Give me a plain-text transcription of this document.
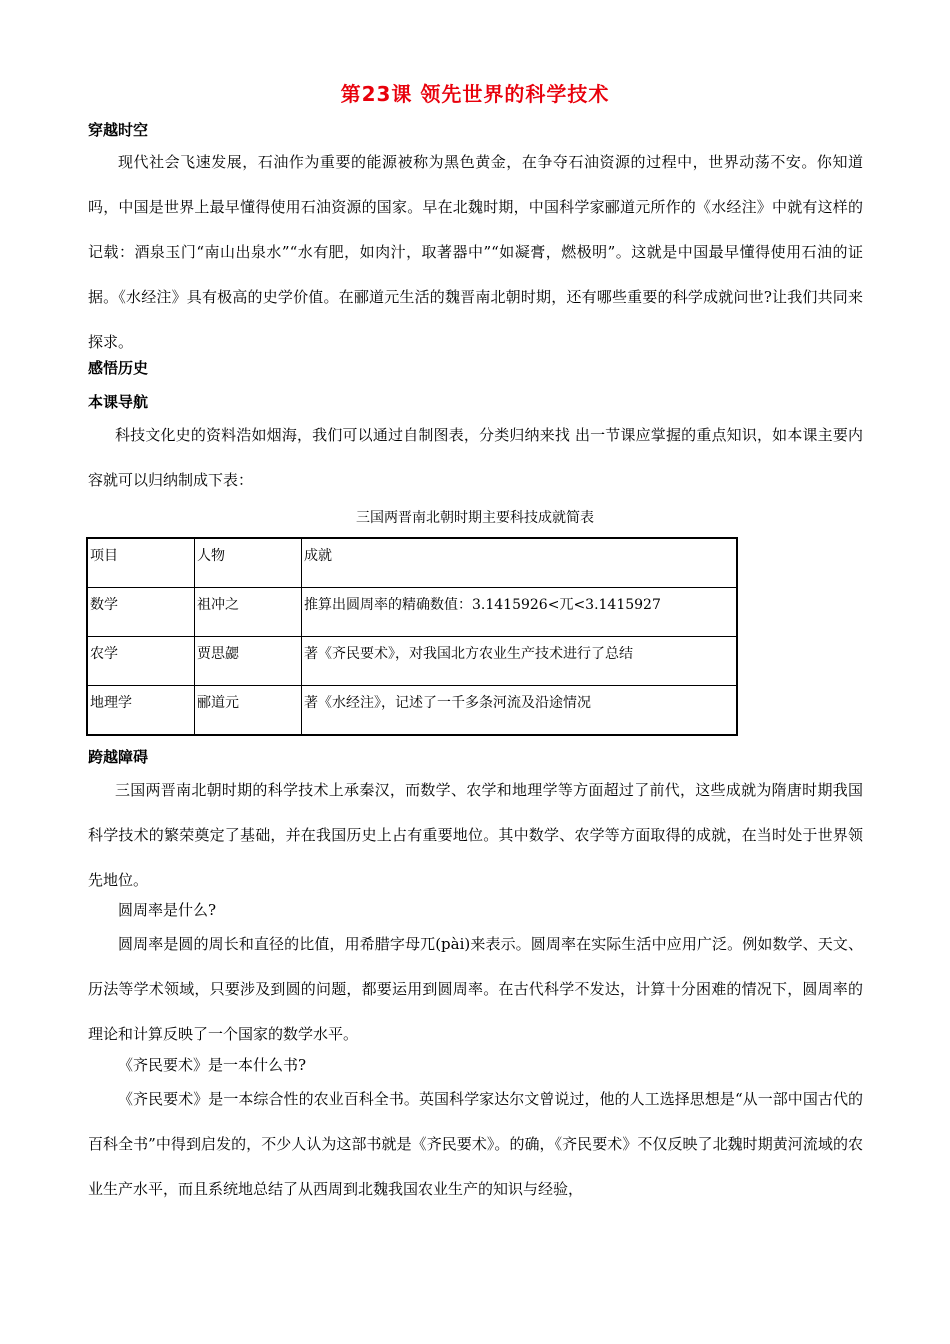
第23课 领先世界的科学技术
穿越时空

现代社会飞速发展，石油作为重要的能源被称为黑色黄金，在争夺石油资源的过程中，世界动荡不安。你知道吗，中国是世界上最早懂得使用石油资源的国家。早在北魏时期，中国科学家郦道元所作的《水经注》中就有这样的记载：酒泉玉门“南山出泉水”“水有肥，如肉汁，取著器中”“如凝膏，燃极明”。这就是中国最早懂得使用石油的证据。《水经注》具有极高的史学价值。在郦道元生活的魏晋南北朝时期，还有哪些重要的科学成就问世?让我们共同来探求。

感悟历史
本课导航

科技文化史的资料浩如烟海，我们可以通过自制图表，分类归纳来找 出一节课应掌握的重点知识，如本课主要内容就可以归纳制成下表：

三国两晋南北朝时期主要科技成就简表
项目	人物	成就
数学	祖冲之	推算出圆周率的精确数值：3.1415926<兀<3.1415927
农学	贾思勰	著《齐民要术》，对我国北方农业生产技术进行了总结
地理学	郦道元	著《水经注》，记述了一千多条河流及沿途情况
跨越障碍

三国两晋南北朝时期的科学技术上承秦汉，而数学、农学和地理学等方面超过了前代，这些成就为隋唐时期我国科学技术的繁荣奠定了基础，并在我国历史上占有重要地位。其中数学、农学等方面取得的成就，在当时处于世界领先地位。

圆周率是什么?

圆周率是圆的周长和直径的比值，用希腊字母兀(pài)来表示。圆周率在实际生活中应用广泛。例如数学、天文、历法等学术领域，只要涉及到圆的问题，都要运用到圆周率。在古代科学不发达，计算十分困难的情况下，圆周率的理论和计算反映了一个国家的数学水平。

《齐民要术》是一本什么书?

《齐民要术》是一本综合性的农业百科全书。英国科学家达尔文曾说过，他的人工选择思想是“从一部中国古代的百科全书”中得到启发的，不少人认为这部书就是《齐民要术》。的确，《齐民要术》不仅反映了北魏时期黄河流域的农业生产水平，而且系统地总结了从西周到北魏我国农业生产的知识与经验，
